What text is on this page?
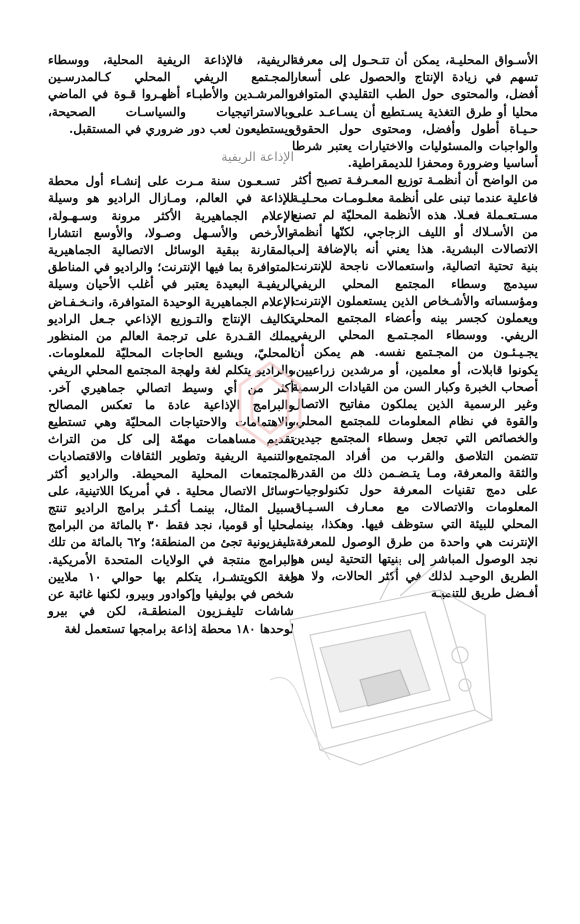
الأسـواق المحليـة، يمكن أن تتـحـول إلى معرفة تسهم في زيادة الإنتاج والحصول على أسعار أفضل، والمحتوى حول الطب التقليدي المتوافر محليا أو طرق التغذية يسـتطيع أن يسـاعـد على حـيـاة أطول وأفضل، ومحتوى حول الحقوق والواجبات والمسئوليات والاختيارات يعتبر شرطا أساسيا وضرورة ومحفزا للديمقراطية.

من الواضح أن أنظمـة توزيع المعـرفـة تصبح أكثر فاعلية عندما تبنى على أنظمة معلـومـات محـليـة مسـتعـملة فعـلا. هذه الأنظمة المحليّة لم تصنع من الأسـلاك أو الليف الزجاجي، لكنّها أنظمة الاتصالات البشرية. هذا يعني أنه بالإضافة إلى بنية تحتية اتصالية، واستعمالات ناجحة للإنترنت سيدمج وسطاء المجتمع المحلي الريفي ومؤسساته والأشـخاص الذين يستعملون الإنترنت ويعملون كجسر بينه وأعضاء المجتمع المحلي الريفي. ووسطاء المجـتمـع المحلي الريفي يجـيـئـون من المجـتمع نفسه. هم يمكن أن يكونوا قابلات، أو معلمين، أو مرشدين زراعيين، أصحاب الخبرة وكبار السن من القيادات الرسمية وغير الرسمية الذين يملكون مفاتيح الاتصال والقوة في نظام المعلومات للمجتمع المحلي، والخصائص التي تجعل وسطاء المجتمع جيدين تتضمن التلاصق والقرب من أفراد المجتمع، والثقة والمعرفة، ومـا يتـضـمن ذلك من القدرة على دمج تقنيات المعرفة حول تكنولوجيات المعلومات والاتصالات مع معـارف السـيـاق المحلي للبيئة التي ستوظف فيها. وهكذا، بينما الإنترنت هي واحدة من طرق الوصول للمعرفة، نجد الوصول المباشر إلى بنيتها التحتية ليس هو الطريق الوحيـد لذلك في أكثر الحالات، ولا هو أفـضل طريق للتنميـة

الريفية، فالإذاعة الريفية المحلية، ووسطاء المجـتمع الريفي المحلي كـالمدرسـين والمرشـدين والأطبـاء أظهـروا قـوة في الماضي وبالاستراتيجيات والسياسـات الصحيحة، ويستطيعون لعب دور ضروري في المستقبل.

الإذاعة الريفية

تسـعـون سنة مـرت على إنشـاء أول محطة للإذاعة في العالم، ومـازال الراديو هو وسيلة الإعلام الجماهيرية الأكثر مرونة وسـهـولة، والأرخص والأسـهل وصـولا، والأوسع انتشارا بالمقارنة ببقية الوسائل الاتصالية الجماهيرية المتوافرة بما فيها الإنترنت؛ والراديو في المناطق الريفيـة البعيدة يعتبر في أغلب الأحيان وسيلة الإعلام الجماهيرية الوحيدة المتوافرة، وانـخـفـاض تكاليف الإنتاج والتـوزيع الإذاعي جـعل الراديو يملك القـدرة على ترجمة العالم من المنظور المحليّ، ويشبع الحاجات المحليّة للمعلومات. والراديو يتكلم لغة ولهجة المجتمع المحلي الريفي أكثر من أي وسيط اتصالي جماهيري آخر. والبرامج الإذاعية عادة ما تعكس المصالح والاهتمامات والاحتياجات المحليّة وهي تستطيع تقديم مساهمات مهمّة إلى كل من التراث والتنمية الريفية وتطوير الثقافات والاقتصاديات المجتمعات المحلية المحيطة. والراديو أكثر وسائل الاتصال محلية . في أمريكا اللاتينية، على سبيل المثال، بينمـا أكـثـر برامج الراديو تنتج محليا أو قوميا، نجد فقط ٣٠ بالمائة من البرامج تليفزيونية تجئ من المنطقة؛ و٦٢ بالمائة من تلك البرامج منتجة في الولايات المتحدة الأمريكية. لغة الكويتشـرا، يتكلم بها حوالي ١٠ ملايين شخص في بوليفيا وإكوادور وبيرو، لكنها غائبة عن شاشات تليفـزيون المنطقـة، لكن في بيرو لوحدها ١٨٠ محطة إذاعة برامجها تستعمل لغة
